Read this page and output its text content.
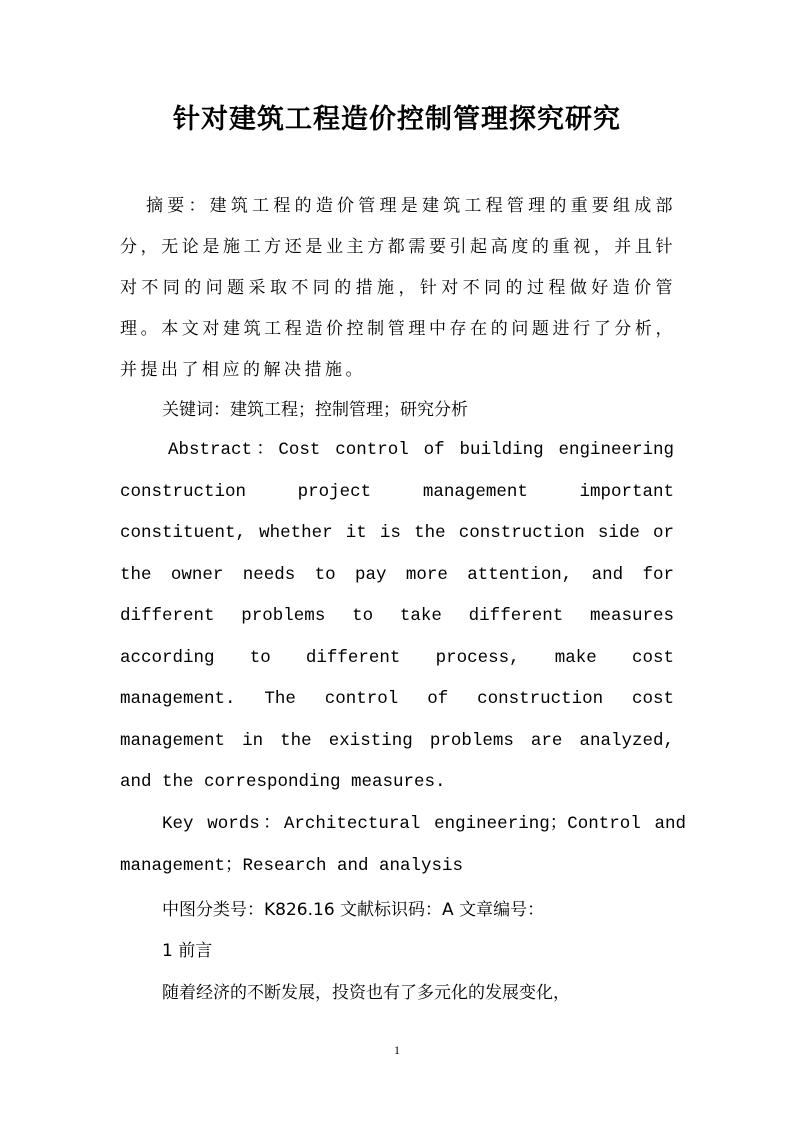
针对建筑工程造价控制管理探究研究
摘要：建筑工程的造价管理是建筑工程管理的重要组成部分，无论是施工方还是业主方都需要引起高度的重视，并且针对不同的问题采取不同的措施，针对不同的过程做好造价管理。本文对建筑工程造价控制管理中存在的问题进行了分析，并提出了相应的解决措施。
关键词：建筑工程；控制管理；研究分析
Abstract：Cost control of building engineering construction project management important constituent, whether it is the construction side or the owner needs to pay more attention, and for different problems to take different measures according to different process, make cost management. The control of construction cost management in the existing problems are analyzed, and the corresponding measures.
Key words：Architectural engineering；Control and management；Research and analysis
中图分类号：K826.16 文献标识码：A 文章编号：
1 前言
随着经济的不断发展，投资也有了多元化的发展变化，
1
